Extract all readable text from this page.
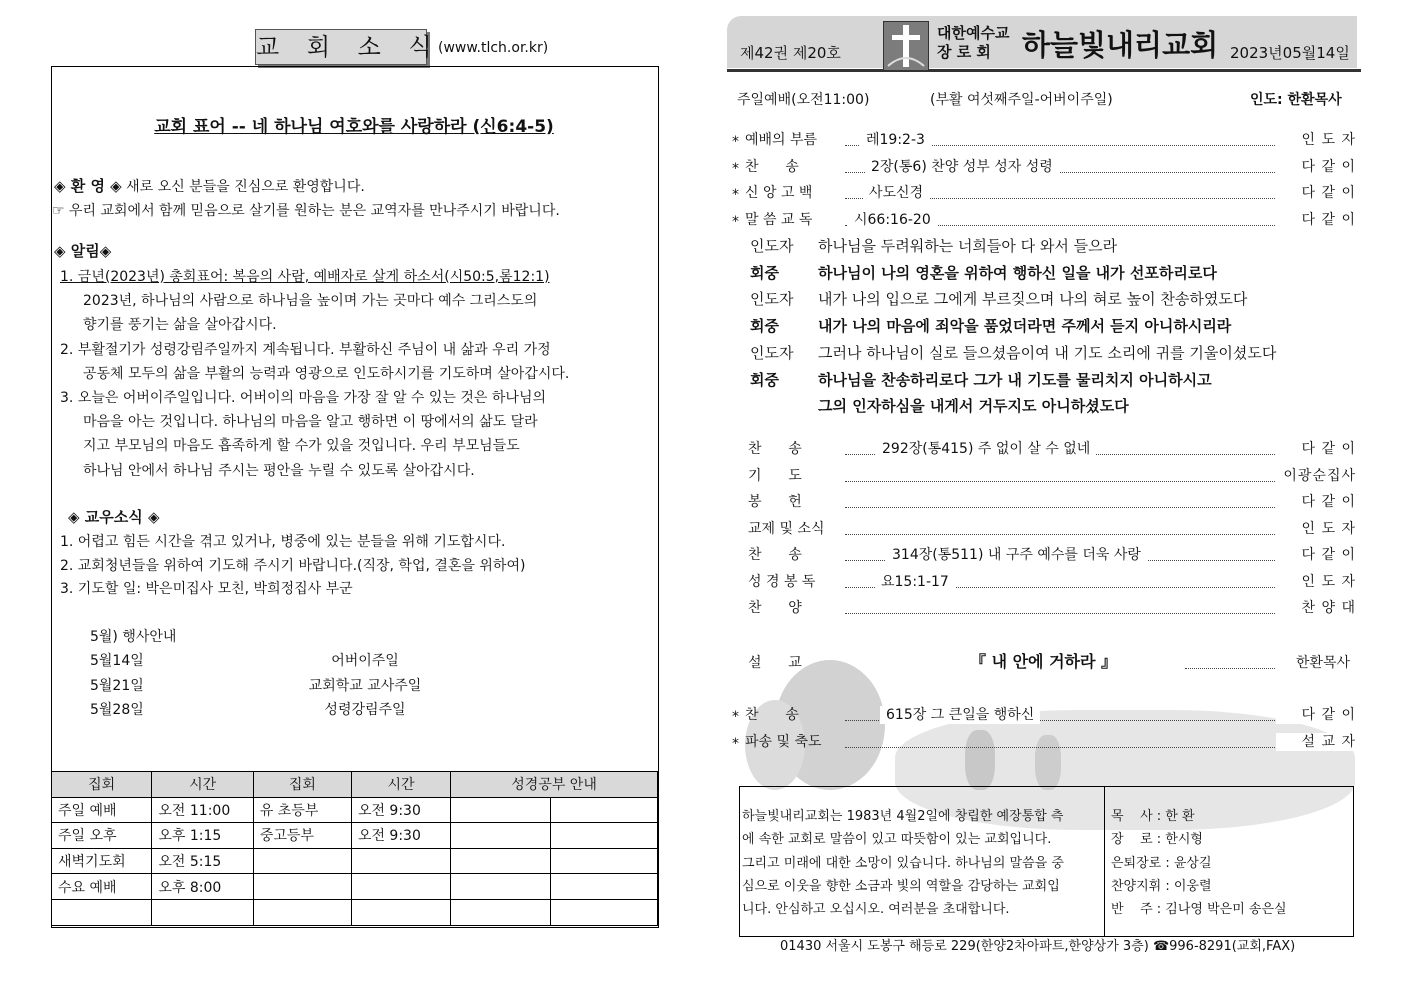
교 회 소 식
(www.tlch.or.kr)
교회 표어 -- 네 하나님 여호와를 사랑하라 (신6:4-5)
◈ 환 영 ◈ 새로 오신 분들을 진심으로 환영합니다.
☞ 우리 교회에서 함께 믿음으로 살기를 원하는 분은 교역자를 만나주시기 바랍니다.
◈ 알림◈
1. 금년(2023년) 총회표어: 복음의 사람, 예배자로 살게 하소서(시50:5,롬12:1)
2023년, 하나님의 사람으로 하나님을 높이며 가는 곳마다 예수 그리스도의
향기를 풍기는 삶을 살아갑시다.
2. 부활절기가 성령강림주일까지 계속됩니다. 부활하신 주님이 내 삶과 우리 가정
공동체 모두의 삶을 부활의 능력과 영광으로 인도하시기를 기도하며 살아갑시다.
3. 오늘은 어버이주일입니다. 어버이의 마음을 가장 잘 알 수 있는 것은 하나님의
마음을 아는 것입니다. 하나님의 마음을 알고 행하면 이 땅에서의 삶도 달라
지고 부모님의 마음도 흡족하게 할 수가 있을 것입니다. 우리 부모님들도
하나님 안에서 하나님 주시는 평안을 누릴 수 있도록 살아갑시다.
◈ 교우소식 ◈
1. 어렵고 힘든 시간을 겪고 있거나, 병중에 있는 분들을 위해 기도합시다.
2. 교회청년들을 위하여 기도해 주시기 바랍니다.(직장, 학업, 결혼을 위하여)
3. 기도할 일: 박은미집사 모친, 박희정집사 부군
5월) 행사안내
5월14일	어버이주일
5월21일	교회학교 교사주일
5월28일	성령강림주일
집회	시간	집회	시간	성경공부 안내	
주일 예배	오전 11:00	유 초등부	오전 9:30		
주일 오후	오후 1:15	중고등부	오전 9:30		
새벽기도회	오전 5:15				
수요 예배	오후 8:00				

제42권 제20호
대한예수교
장 로 회	하늘빛내리교회 2023년05월14일
주일예배(오전11:00)	(부활 여섯째주일-어버이주일)	인도: 한환목사
* 예배의 부름	레19:2-3	인 도 자
* 찬      송	2장(통6) 찬양 성부 성자 성령	다 같 이
* 신 앙 고 백	사도신경	다 같 이
* 말 씀 교 독	시66:16-20	다 같 이
인도자 하나님을 두려워하는 너희들아 다 와서 들으라
회중	하나님이 나의 영혼을 위하여 행하신 일을 내가 선포하리로다
인도자 내가 나의 입으로 그에게 부르짖으며 나의 혀로 높이 찬송하였도다
회중	내가 나의 마음에 죄악을 품었더라면 주께서 듣지 아니하시리라
인도자 그러나 하나님이 실로 들으셨음이여 내 기도 소리에 귀를 기울이셨도다
회중	하나님을 찬송하리로다 그가 내 기도를 물리치지 아니하시고
그의 인자하심을 내게서 거두지도 아니하셨도다
찬      송	292장(통415) 주 없이 살 수 없네	다 같 이
기      도	이광순집사
봉      헌	다 같 이
교제 및 소식	인 도 자
찬      송	314장(통511) 내 구주 예수를 더욱 사랑	다 같 이
성 경 봉 독	요15:1-17	인 도 자
찬      양	찬 양 대
설      교	『 내 안에 거하라 』	한환목사
* 찬      송	615장 그 큰일을 행하신	다 같 이
* 파송 및 축도	설 교 자
하늘빛내리교회는 1983년 4월2일에 창립한 예장통합 측
에 속한 교회로 말씀이 있고 따뜻함이 있는 교회입니다.
그리고 미래에 대한 소망이 있습니다. 하나님의 말씀을 중
심으로 이웃을 향한 소금과 빛의 역할을 감당하는 교회입
니다. 안심하고 오십시오. 여러분을 초대합니다.
목    사 : 한 환
장    로 : 한시형
은퇴장로 : 윤상길
찬양지휘 : 이웅렬
반    주 : 김나영 박은미 송은실
01430 서울시 도봉구 해등로 229(한양2차아파트,한양상가 3층) ☎996-8291(교회,FAX)
